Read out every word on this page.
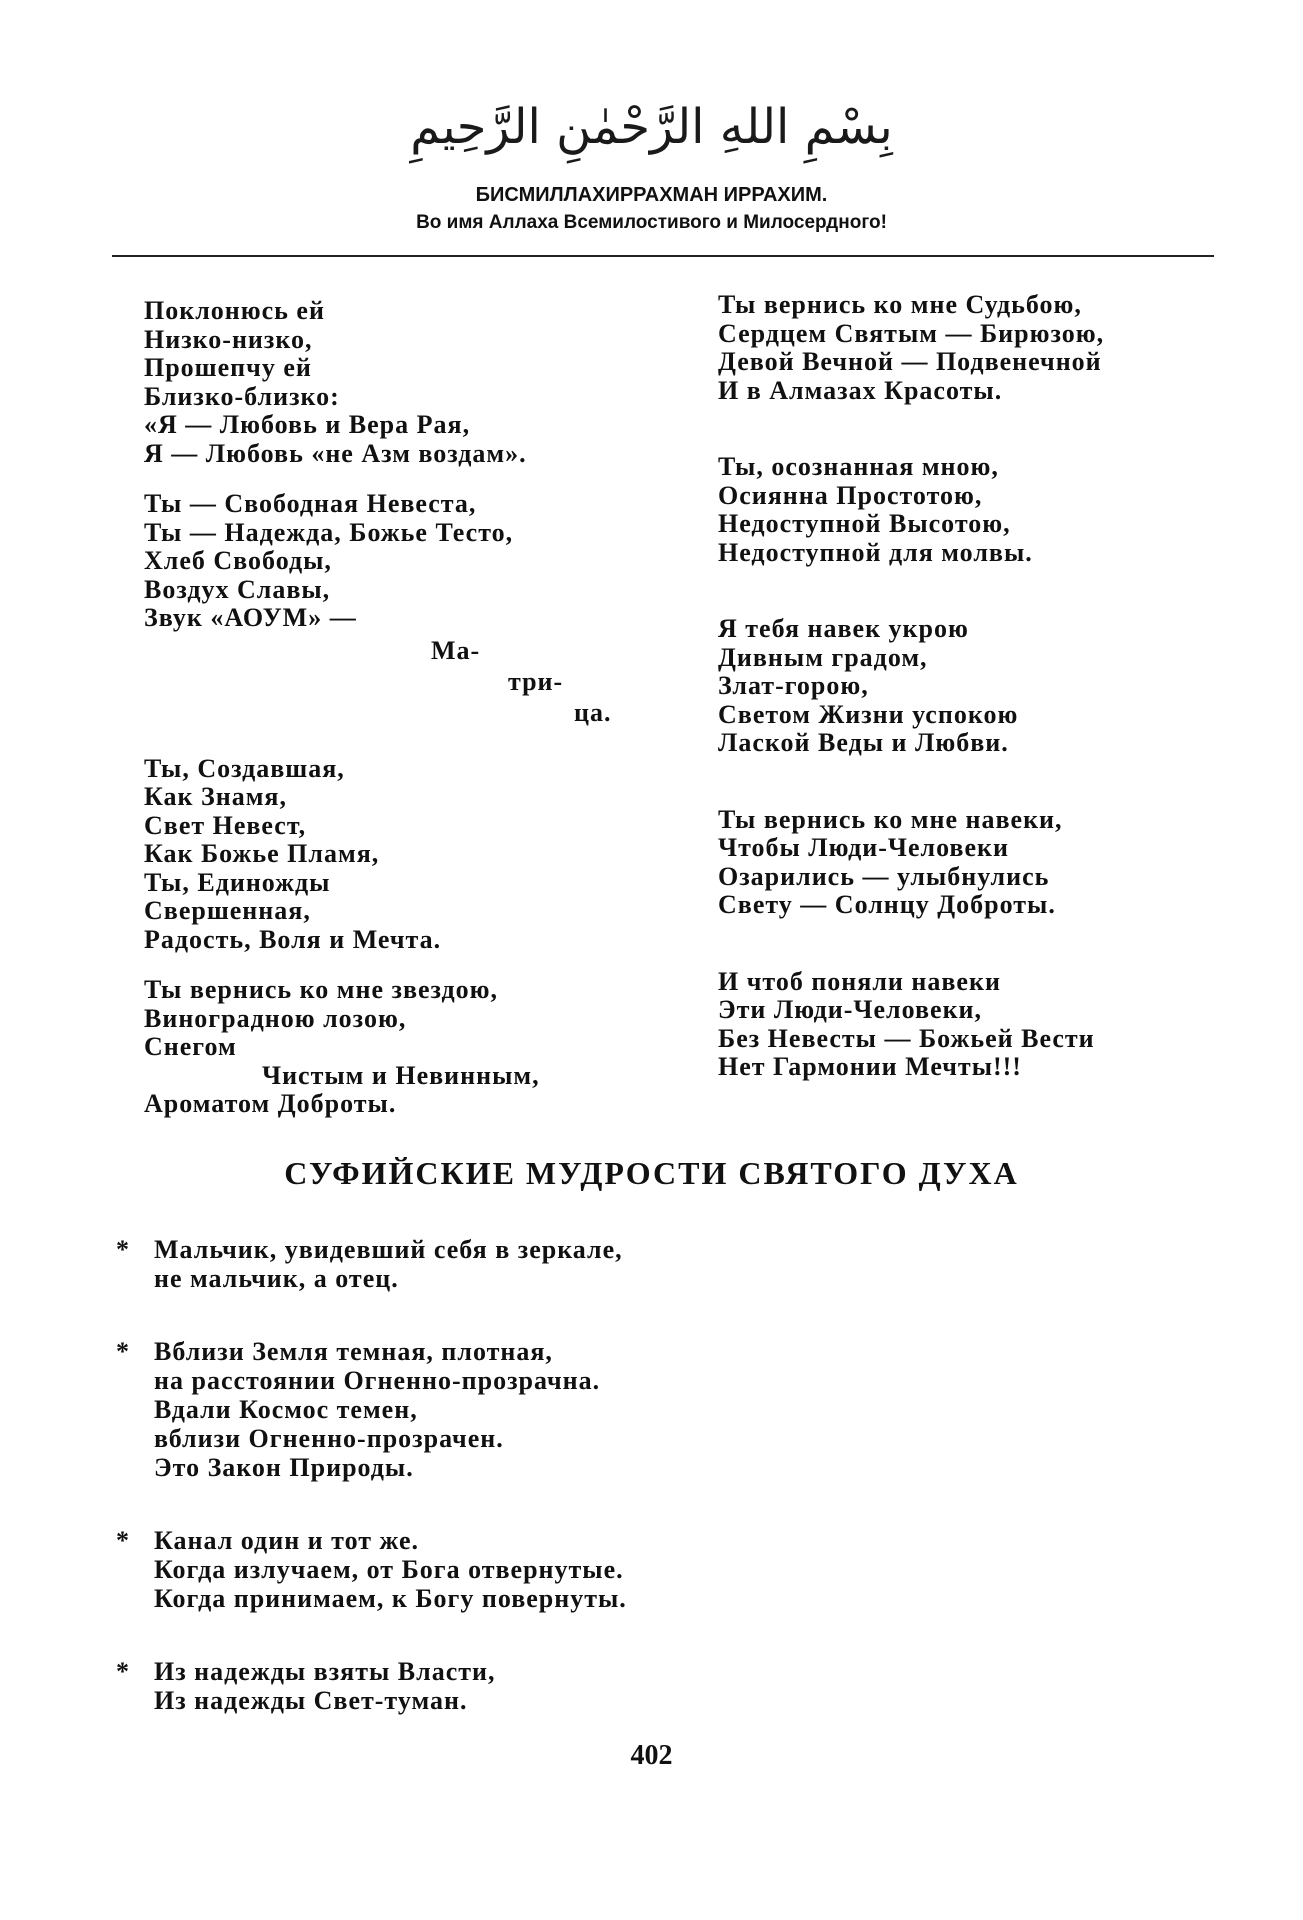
بِسْمِ اللهِ الرَّحْمٰنِ الرَّحِيمِ
БИСМИЛЛАХИРРАХМАН ИРРАХИМ.
Во имя Аллаха Всемилостивого и Милосердного!
Поклонюсь ей
Низко-низко,
Прошепчу ей
Близко-близко:
«Я — Любовь и Вера Рая,
Я — Любовь «не Азм воздам».
Ты — Свободная Невеста,
Ты — Надежда, Божье Тесто,
Хлеб Свободы,
Воздух Славы,
Звук «АОУМ» —
Ма-
три-
ца.
Ты, Создавшая,
Как Знамя,
Свет Невест,
Как Божье Пламя,
Ты, Единожды
Свершенная,
Радость, Воля и Мечта.
Ты вернись ко мне звездою,
Виноградною лозою,
Снегом
Чистым и Невинным,
Ароматом Доброты.
Ты вернись ко мне Судьбою,
Сердцем Святым — Бирюзою,
Девой Вечной — Подвенечной
И в Алмазах Красоты.
Ты, осознанная мною,
Осиянна Простотою,
Недоступной Высотою,
Недоступной для молвы.
Я тебя навек укрою
Дивным градом,
Злат-горою,
Светом Жизни успокою
Лаской Веды и Любви.
Ты вернись ко мне навеки,
Чтобы Люди-Человеки
Озарились — улыбнулись
Свету — Солнцу Доброты.
И чтоб поняли навеки
Эти Люди-Человеки,
Без Невесты — Божьей Вести
Нет Гармонии Мечты!!!
СУФИЙСКИЕ МУДРОСТИ СВЯТОГО ДУХА
* Мальчик, увидевший себя в зеркале,
не мальчик, а отец.
* Вблизи Земля темная, плотная,
на расстоянии Огненно-прозрачна.
Вдали Космос темен,
вблизи Огненно-прозрачен.
Это Закон Природы.
* Канал один и тот же.
Когда излучаем, от Бога отвернутые.
Когда принимаем, к Богу повернуты.
* Из надежды взяты Власти,
Из надежды Свет-туман.
402
